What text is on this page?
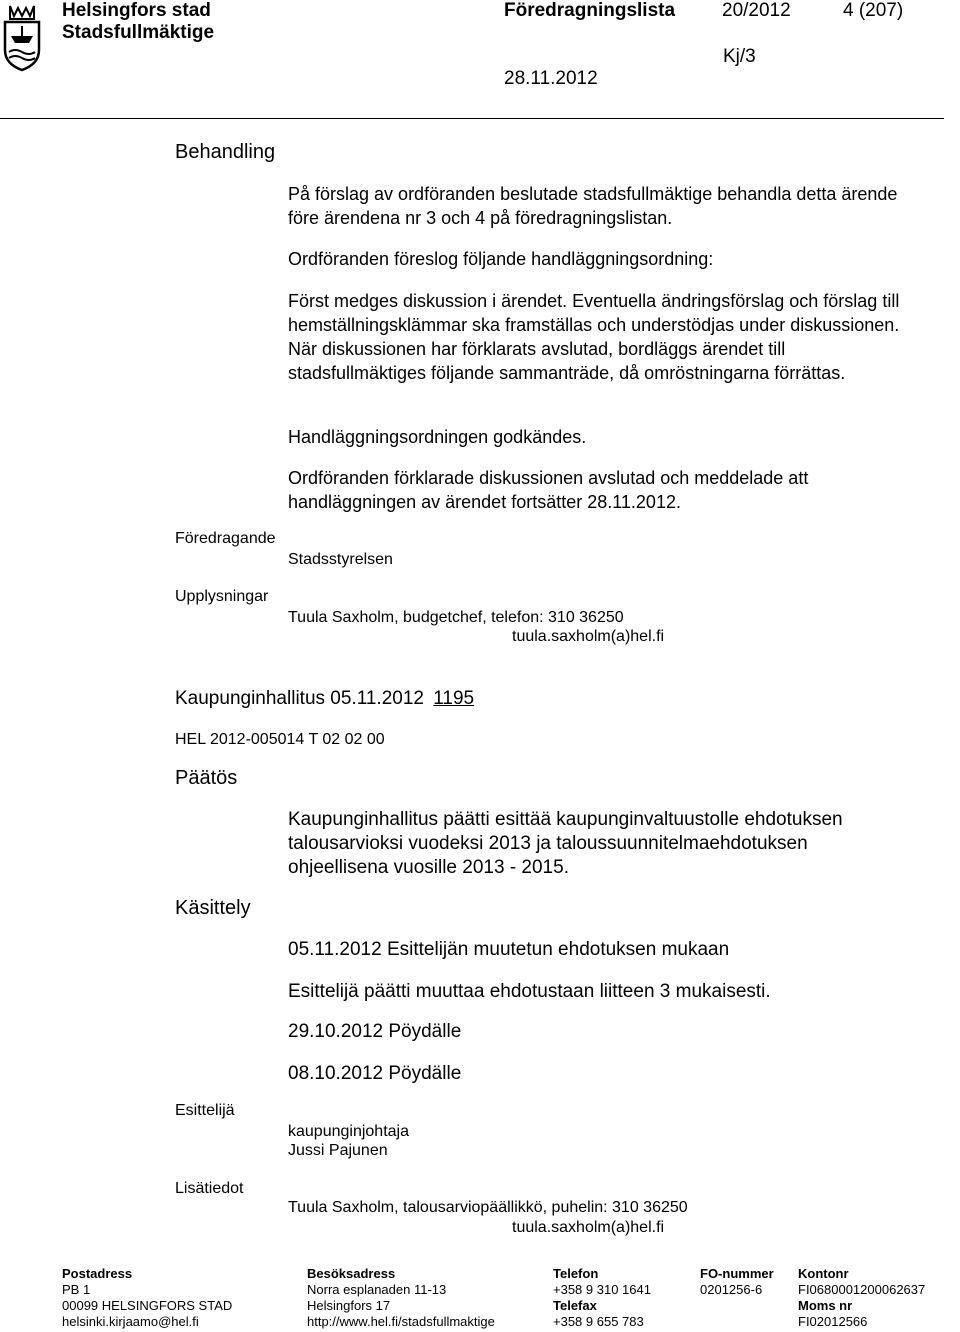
Helsingfors stad
Stadsfullmäktige
Föredragningslista 20/2012	4 (207)
Kj/3
28.11.2012
Behandling
På förslag av ordföranden beslutade stadsfullmäktige behandla detta ärende före ärendena nr 3 och 4 på föredragningslistan.
Ordföranden föreslog följande handläggningsordning:
Först medges diskussion i ärendet. Eventuella ändringsförslag och förslag till hemställningsklämmar ska framställas och understödjas under diskussionen. När diskussionen har förklarats avslutad, bordläggs ärendet till stadsfullmäktiges följande sammanträde, då omröstningarna förrättas.
Handläggningsordningen godkändes.
Ordföranden förklarade diskussionen avslutad och meddelade att handläggningen av ärendet fortsätter 28.11.2012.
Föredragande
Stadsstyrelsen
Upplysningar
Tuula Saxholm, budgetchef, telefon: 310 36250
tuula.saxholm(a)hel.fi
Kaupunginhallitus 05.11.2012 1195
HEL 2012-005014 T 02 02 00
Päätös
Kaupunginhallitus päätti esittää kaupunginvaltuustolle ehdotuksen talousarvioksi vuodeksi 2013 ja taloussuunnitelmaehdotuksen ohjeellisena vuosille 2013 - 2015.
Käsittely
05.11.2012 Esittelijän muutetun ehdotuksen mukaan
Esittelijä päätti muuttaa ehdotustaan liitteen 3 mukaisesti.
29.10.2012 Pöydälle
08.10.2012 Pöydälle
Esittelijä
kaupunginjohtaja
Jussi Pajunen
Lisätiedot
Tuula Saxholm, talousarviopäällikkö, puhelin: 310 36250
tuula.saxholm(a)hel.fi
Postadress
PB 1
00099 HELSINGFORS STAD
helsinki.kirjaamo@hel.fi
Besöksadress
Norra esplanaden 11-13
Helsingfors 17
http://www.hel.fi/stadsfullmaktige
Telefon
+358 9 310 1641
Telefax
+358 9 655 783
FO-nummer
0201256-6
Kontonr
FI0680001200062637
Moms nr
FI02012566
